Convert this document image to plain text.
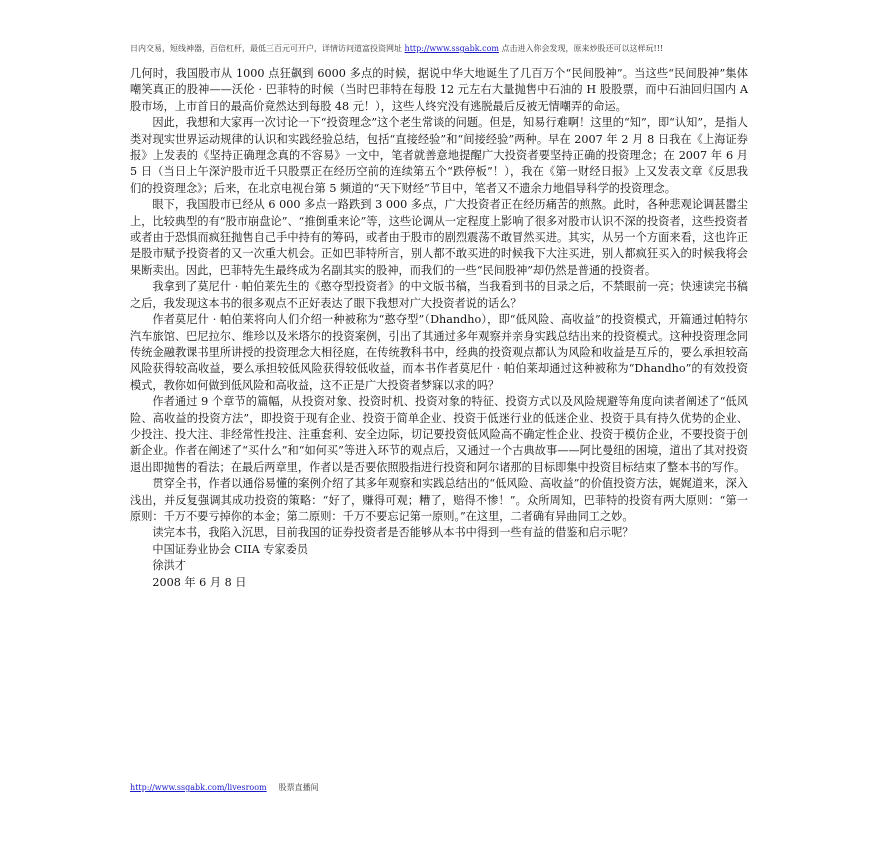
日内交易，短线神器，百倍杠杆，最低三百元可开户，详情访问道富投资网址 http://www.ssgabk.com 点击进入你会发现，原来炒股还可以这样玩!!!

几何时，我国股市从 1000 点狂飙到 6000 多点的时候，据说中华大地诞生了几百万个“民间股神”。当这些“民间股神”集体嘲笑真正的股神——沃伦 · 巴菲特的时候（当时巴菲特在每股 12 元左右大量抛售中石油的 H 股股票，而中石油回归国内 A 股市场，上市首日的最高价竟然达到每股 48 元！），这些人终究没有逃脱最后反被无情嘲弄的命运。

因此，我想和大家再一次讨论一下“投资理念”这个老生常谈的问题。但是，知易行难啊！这里的“知”，即“认知”，是指人类对现实世界运动规律的认识和实践经验总结，包括“直接经验”和“间接经验”两种。早在 2007 年 2 月 8 日我在《上海证券报》上发表的《坚持正确理念真的不容易》一文中，笔者就善意地提醒广大投资者要坚持正确的投资理念；在 2007 年 6 月 5 日（当日上午深沪股市近千只股票正在经历空前的连续第五个“跌停板”！），我在《第一财经日报》上又发表文章《反思我们的投资理念》；后来，在北京电视台第 5 频道的“天下财经”节目中，笔者又不遗余力地倡导科学的投资理念。

眼下，我国股市已经从 6 000 多点一路跌到 3 000 多点，广大投资者正在经历痛苦的煎熬。此时，各种悲观论调甚嚣尘上，比较典型的有“股市崩盘论”、“推倒重来论”等，这些论调从一定程度上影响了很多对股市认识不深的投资者，这些投资者或者由于恐惧而疯狂抛售自己手中持有的筹码，或者由于股市的剧烈震荡不敢冒然买进。其实，从另一个方面来看，这也许正是股市赋予投资者的又一次重大机会。正如巴菲特所言，别人都不敢买进的时候我下大注买进，别人都疯狂买入的时候我将会果断卖出。因此，巴菲特先生最终成为名副其实的股神，而我们的一些“民间股神”却仍然是普通的投资者。

我拿到了莫尼什 · 帕伯莱先生的《憨夺型投资者》的中文版书稿，当我看到书的目录之后，不禁眼前一亮；快速读完书稿之后，我发现这本书的很多观点不正好表达了眼下我想对广大投资者说的话么？

作者莫尼什 · 帕伯莱将向人们介绍一种被称为“憨夺型”（Dhandho），即“低风险、高收益”的投资模式，开篇通过帕特尔汽车旅馆、巴尼拉尔、维珍以及米塔尔的投资案例，引出了其通过多年观察并亲身实践总结出来的投资模式。这种投资理念同传统金融教课书里所讲授的投资理念大相径庭，在传统教科书中，经典的投资观点都认为风险和收益是互斥的，要么承担较高风险获得较高收益，要么承担较低风险获得较低收益，而本书作者莫尼什 · 帕伯莱却通过这种被称为“Dhandho”的有效投资模式，教你如何做到低风险和高收益，这不正是广大投资者梦寐以求的吗？

作者通过 9 个章节的篇幅，从投资对象、投资时机、投资对象的特征、投资方式以及风险规避等角度向读者阐述了“低风险、高收益的投资方法”，即投资于现有企业、投资于简单企业、投资于低迷行业的低迷企业、投资于具有持久优势的企业、少投注、投大注、非经常性投注、注重套利、安全边际，切记要投资低风险高不确定性企业、投资于模仿企业，不要投资于创新企业。作者在阐述了“买什么”和“如何买”等进入环节的观点后，又通过一个古典故事——阿比曼纽的困境，道出了其对投资退出即抛售的看法；在最后两章里，作者以是否要依照股指进行投资和阿尔诸那的目标即集中投资目标结束了整本书的写作。

贯穿全书，作者以通俗易懂的案例介绍了其多年观察和实践总结出的“低风险、高收益”的价值投资方法，娓娓道来，深入浅出，并反复强调其成功投资的策略：“好了，赚得可观；糟了，赔得不惨！”。众所周知，巴菲特的投资有两大原则：“第一原则：千万不要亏掉你的本金；第二原则：千万不要忘记第一原则。”在这里，二者确有异曲同工之妙。

读完本书，我陷入沉思，目前我国的证券投资者是否能够从本书中得到一些有益的借鉴和启示呢？

中国证券业协会 CIIA 专家委员

徐洪才

2008 年 6 月 8 日

http://www.ssgabk.com/livesroom 股票直播间
